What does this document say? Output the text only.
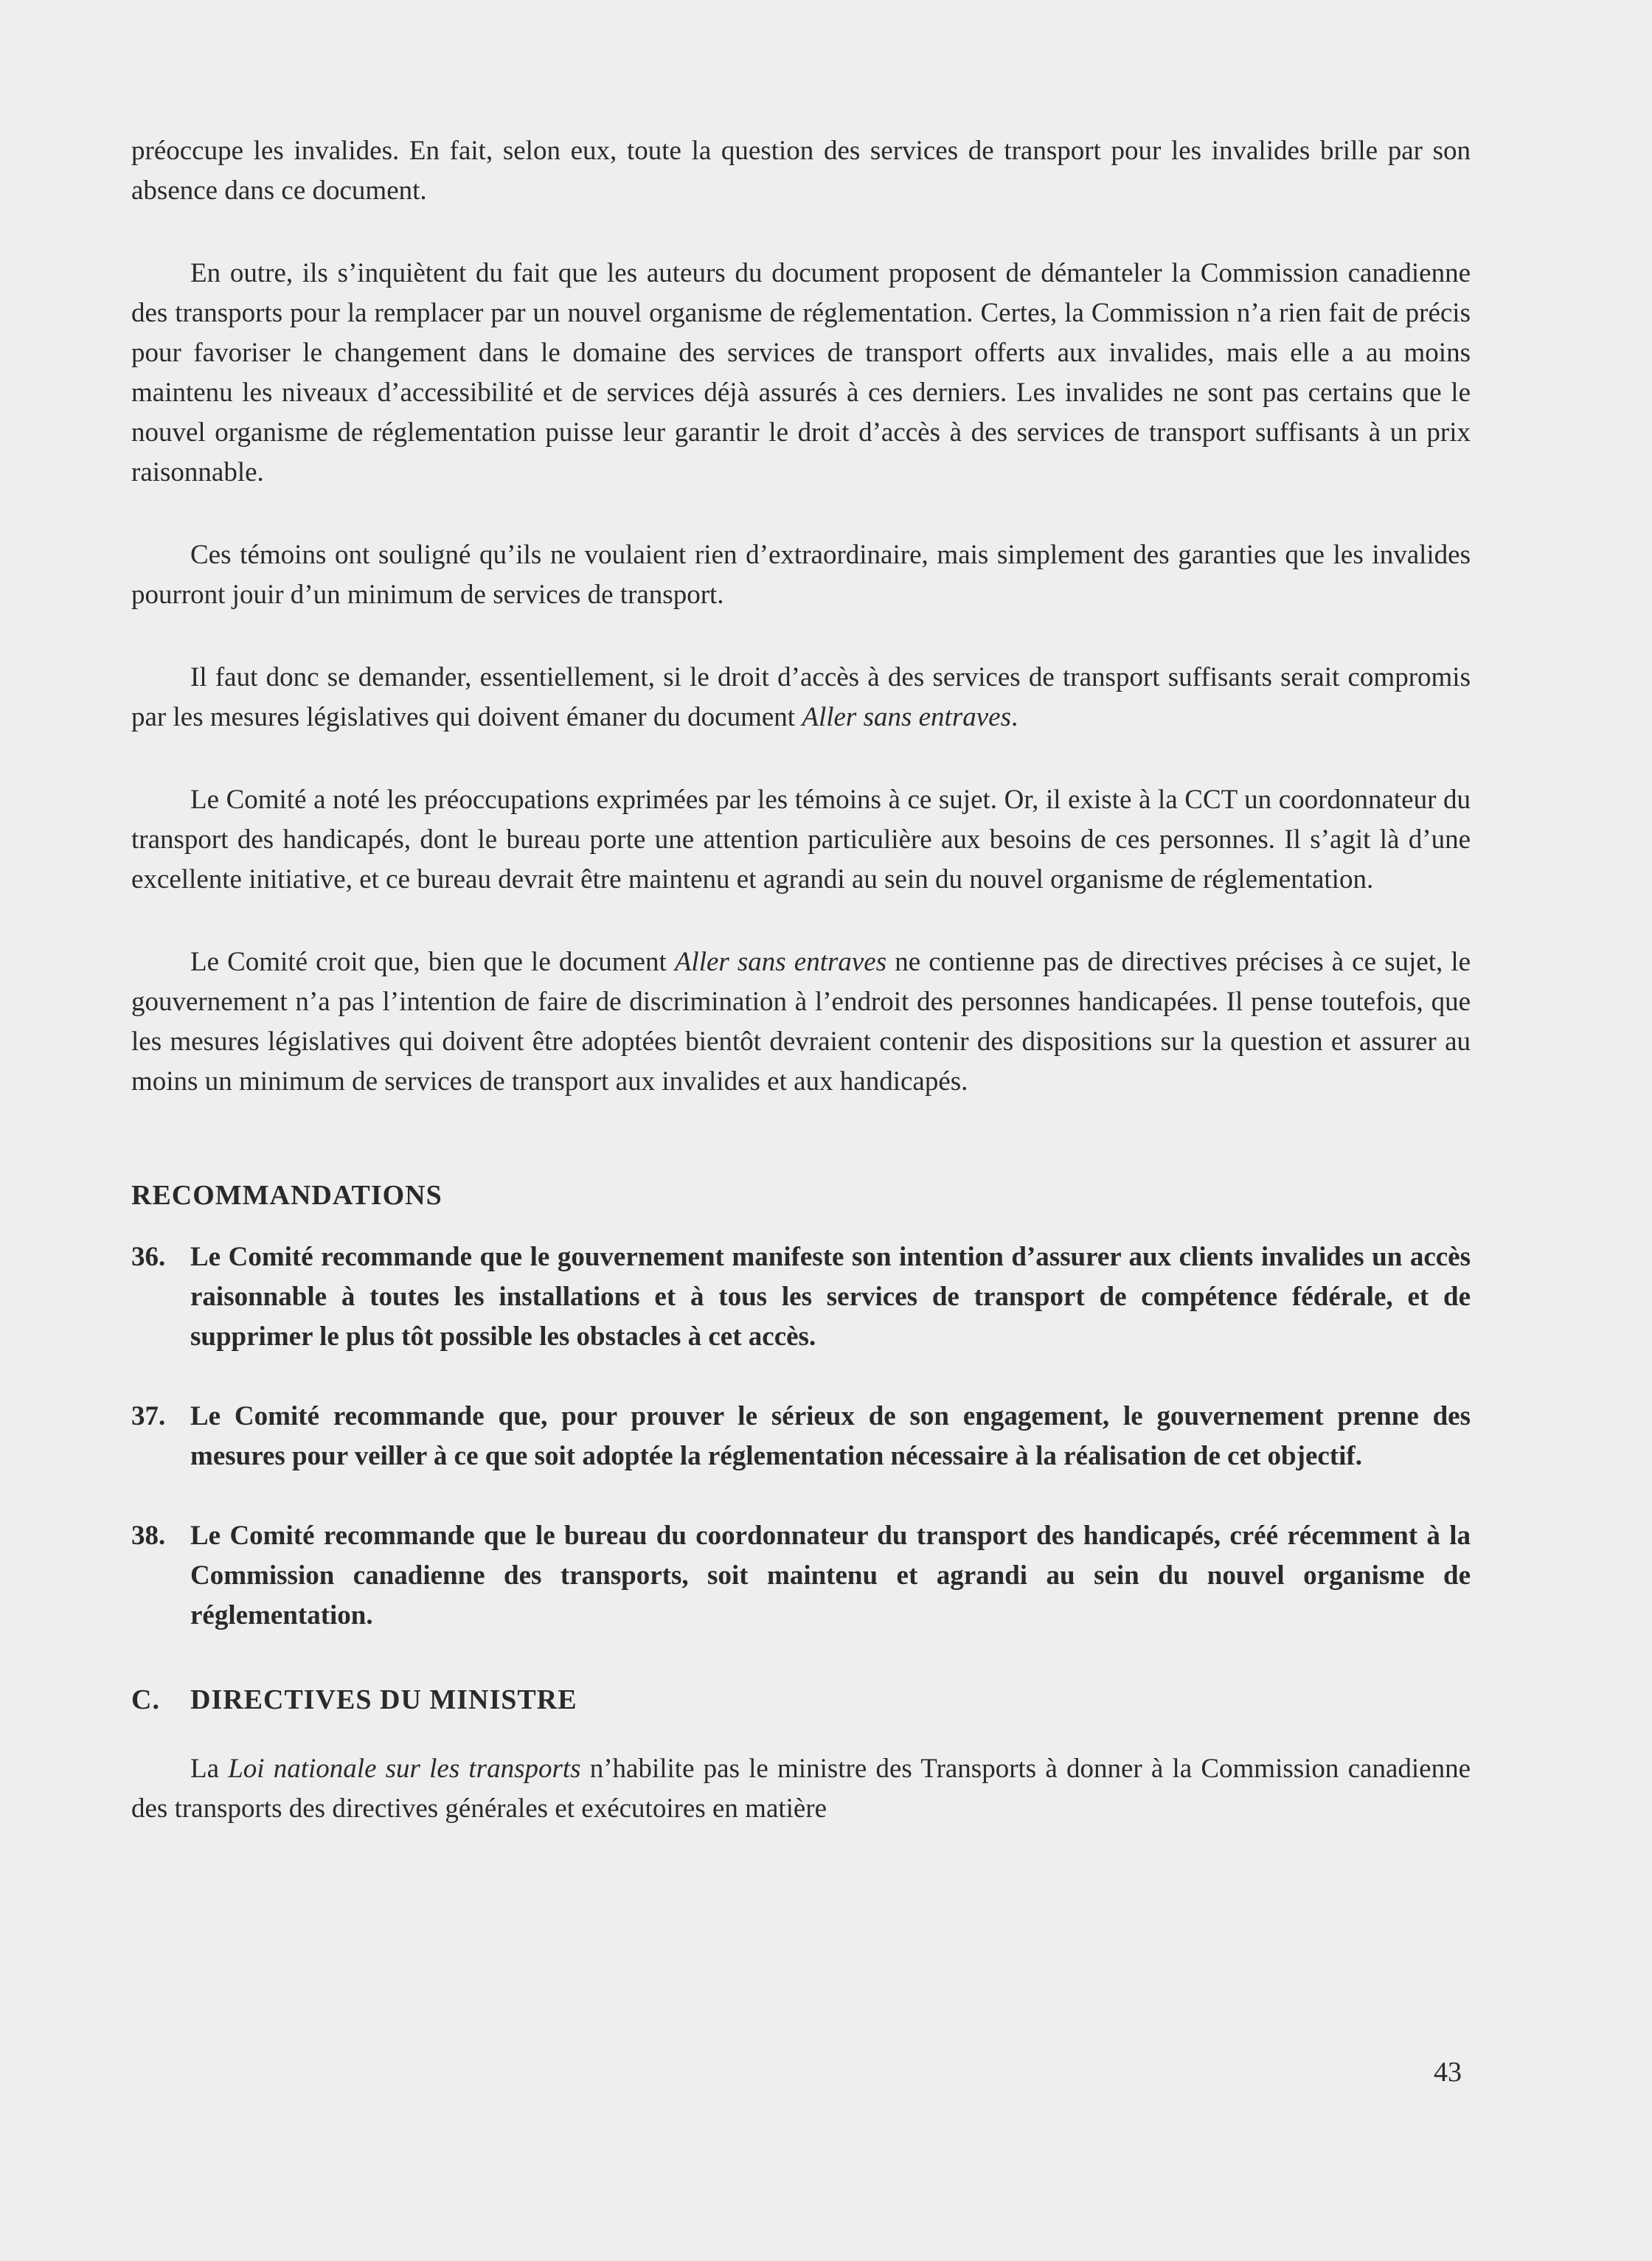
préoccupe les invalides. En fait, selon eux, toute la question des services de transport pour les invalides brille par son absence dans ce document.

En outre, ils s’inquiètent du fait que les auteurs du document proposent de démanteler la Commission canadienne des transports pour la remplacer par un nouvel organisme de réglementation. Certes, la Commission n’a rien fait de précis pour favoriser le changement dans le domaine des services de transport offerts aux invalides, mais elle a au moins maintenu les niveaux d’accessibilité et de services déjà assurés à ces derniers. Les invalides ne sont pas certains que le nouvel organisme de réglementation puisse leur garantir le droit d’accès à des services de transport suffisants à un prix raisonnable.

Ces témoins ont souligné qu’ils ne voulaient rien d’extraordinaire, mais simplement des garanties que les invalides pourront jouir d’un minimum de services de transport.

Il faut donc se demander, essentiellement, si le droit d’accès à des services de transport suffisants serait compromis par les mesures législatives qui doivent émaner du document Aller sans entraves.

Le Comité a noté les préoccupations exprimées par les témoins à ce sujet. Or, il existe à la CCT un coordonnateur du transport des handicapés, dont le bureau porte une attention particulière aux besoins de ces personnes. Il s’agit là d’une excellente initiative, et ce bureau devrait être maintenu et agrandi au sein du nouvel organisme de réglementation.

Le Comité croit que, bien que le document Aller sans entraves ne contienne pas de directives précises à ce sujet, le gouvernement n’a pas l’intention de faire de discrimination à l’endroit des personnes handicapées. Il pense toutefois, que les mesures législatives qui doivent être adoptées bientôt devraient contenir des dispositions sur la question et assurer au moins un minimum de services de transport aux invalides et aux handicapés.

RECOMMANDATIONS
36. Le Comité recommande que le gouvernement manifeste son intention d’assurer aux clients invalides un accès raisonnable à toutes les installations et à tous les services de transport de compétence fédérale, et de supprimer le plus tôt possible les obstacles à cet accès.
37. Le Comité recommande que, pour prouver le sérieux de son engagement, le gouvernement prenne des mesures pour veiller à ce que soit adoptée la réglementation nécessaire à la réalisation de cet objectif.
38. Le Comité recommande que le bureau du coordonnateur du transport des handicapés, créé récemment à la Commission canadienne des transports, soit maintenu et agrandi au sein du nouvel organisme de réglementation.
C.	DIRECTIVES DU MINISTRE

La Loi nationale sur les transports n’habilite pas le ministre des Transports à donner à la Commission canadienne des transports des directives générales et exécutoires en matière

43
